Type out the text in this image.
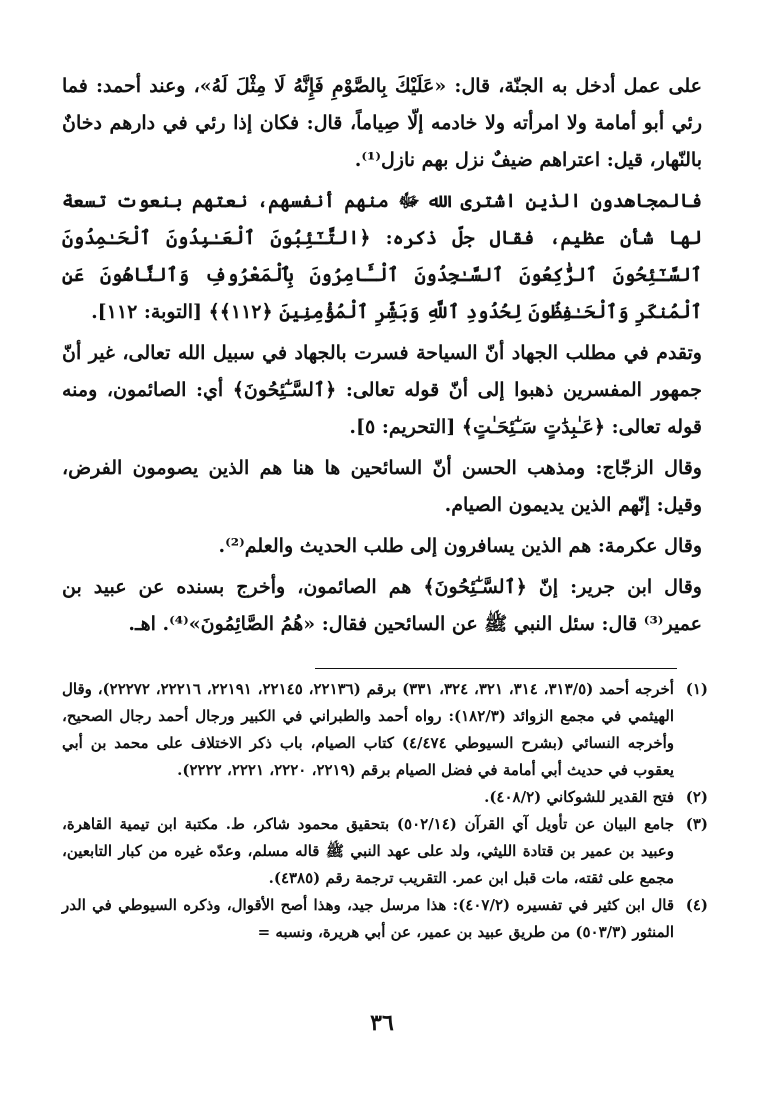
على عمل أدخل به الجنّة، قال: «عَلَيْكَ بِالصَّوْمِ فَإِنَّهُ لَا مِثْلَ لَهُ»، وعند أحمد: فما رئي أبو أمامة ولا امرأته ولا خادمه إلّا صِياماً، قال: فكان إذا رئي في دارهم دخانٌ بالنّهار، قيل: اعتراهم ضيفٌ نزل بهم نازل⁽¹⁾.

فالمجاهدون الذين اشترى الله ﷻ منهم أنفسهم، نعتهم بنعوت تسعة لها شأن عظيم، فقال جلّ ذكره: ﴿التَّـٰٓئِبُونَ ٱلْعَـٰبِدُونَ ٱلْحَـٰمِدُونَ ٱلسَّـٰٓئِحُونَ ٱلرَّٰكِعُونَ ٱلسَّـٰجِدُونَ ٱلْـَٔامِرُونَ بِٱلْمَعْرُوفِ وَٱلنَّاهُونَ عَنِ ٱلْمُنكَرِ وَٱلْحَـٰفِظُونَ لِحُدُودِ ٱللَّهِ وَبَشِّرِ ٱلْمُؤْمِنِينَ ﴿١١٢﴾﴾ [التوبة: ١١٢].

وتقدم في مطلب الجهاد أنّ السياحة فسرت بالجهاد في سبيل الله تعالى، غير أنّ جمهور المفسرين ذهبوا إلى أنّ قوله تعالى: ﴿ٱلسَّـٰٓئِحُونَ﴾ أي: الصائمون، ومنه قوله تعالى: ﴿عَـٰبِدَٰتٍ سَـٰٓئِحَـٰتٍ﴾ [التحريم: ٥].

وقال الزجّاج: ومذهب الحسن أنّ السائحين ها هنا هم الذين يصومون الفرض، وقيل: إنّهم الذين يديمون الصيام.

وقال عكرمة: هم الذين يسافرون إلى طلب الحديث والعلم⁽²⁾.

وقال ابن جرير: إنّ ﴿ٱلسَّـٰٓئِحُونَ﴾ هم الصائمون، وأخرج بسنده عن عبيد بن عمير⁽³⁾ قال: سئل النبي ﷺ عن السائحين فقال: «هُمُ الصَّائِمُونَ»⁽⁴⁾. اهـ.

(١)
أخرجه أحمد (٣١٣/٥، ٣١٤، ٣٢١، ٣٢٤، ٣٣١) برقم (٢٢١٣٦، ٢٢١٤٥، ٢٢١٩١، ٢٢٢١٦، ٢٢٢٧٢)، وقال الهيثمي في مجمع الزوائد (١٨٢/٣): رواه أحمد والطبراني في الكبير ورجال أحمد رجال الصحيح، وأخرجه النسائي (بشرح السيوطي ٤/٤٧٤) كتاب الصيام، باب ذكر الاختلاف على محمد بن أبي يعقوب في حديث أبي أمامة في فضل الصيام برقم (٢٢١٩، ٢٢٢٠، ٢٢٢١، ٢٢٢٢).
(٢)
فتح القدير للشوكاني (٤٠٨/٢).
(٣)
جامع البيان عن تأويل آي القرآن (٥٠٢/١٤) بتحقيق محمود شاكر، ط. مكتبة ابن تيمية القاهرة، وعبيد بن عمير بن قتادة الليثي، ولد على عهد النبي ﷺ قاله مسلم، وعدّه غيره من كبار التابعين، مجمع على ثقته، مات قبل ابن عمر. التقريب ترجمة رقم (٤٣٨٥).
(٤)
قال ابن كثير في تفسيره (٤٠٧/٢): هذا مرسل جيد، وهذا أصح الأقوال، وذكره السيوطي في الدر المنثور (٥٠٣/٣) من طريق عبيد بن عمير، عن أبي هريرة، ونسبه =
٣٦
